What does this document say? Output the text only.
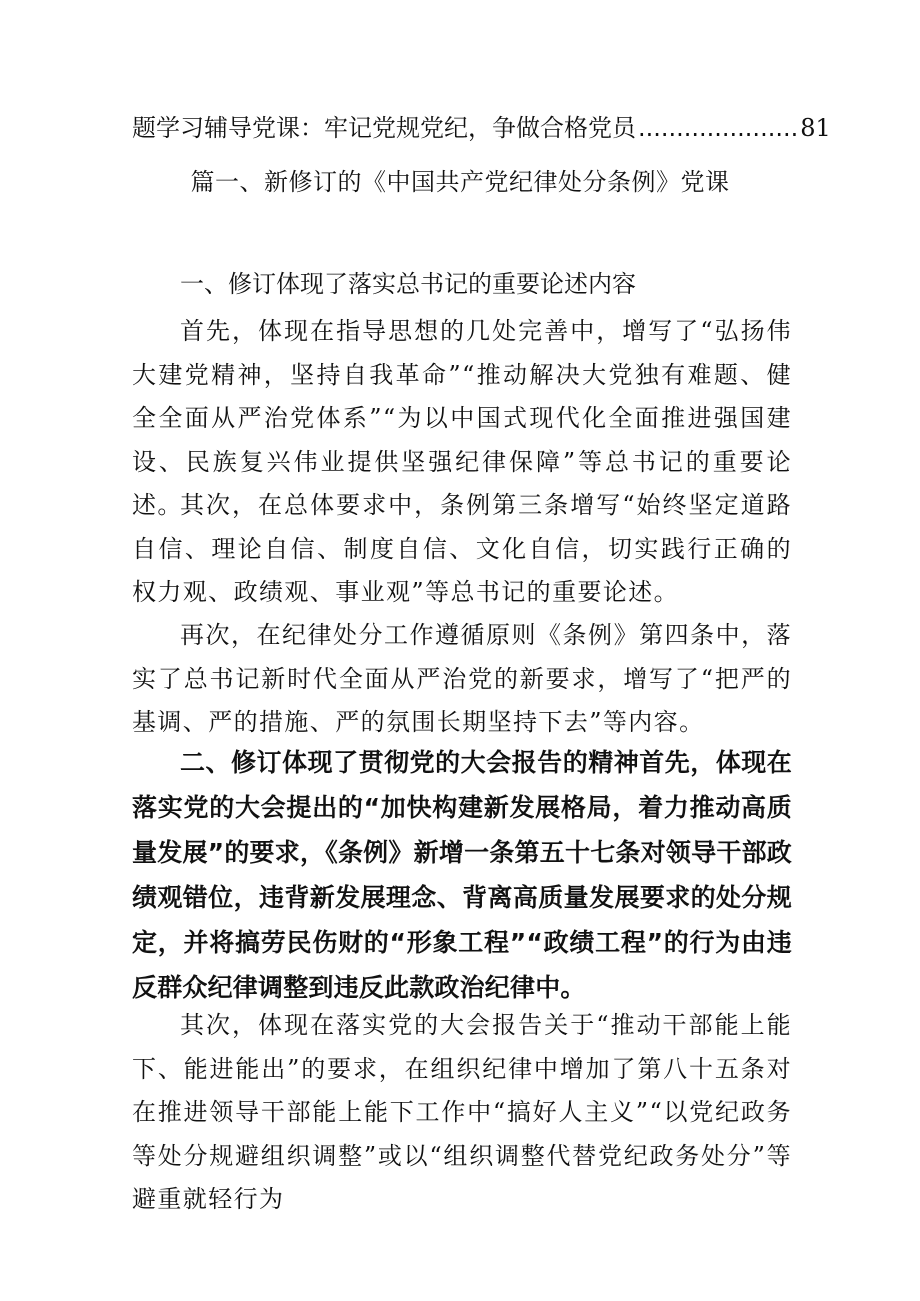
题学习辅导党课：牢记党规党纪，争做合格党员 ..................... 81
篇一、新修订的《中国共产党纪律处分条例》党课
一、修订体现了落实总书记的重要论述内容

首先，体现在指导思想的几处完善中，增写了“弘扬伟大建党精神，坚持自我革命”“推动解决大党独有难题、健全全面从严治党体系”“为以中国式现代化全面推进强国建设、民族复兴伟业提供坚强纪律保障”等总书记的重要论述。

其次，在总体要求中，条例第三条增写“始终坚定道路自信、理论自信、制度自信、文化自信，切实践行正确的权力观、政绩观、事业观”等总书记的重要论述。

再次，在纪律处分工作遵循原则《条例》第四条中，落实了总书记新时代全面从严治党的新要求，增写了“把严的基调、严的措施、严的氛围长期坚持下去”等内容。

二、修订体现了贯彻党的大会报告的精神首先，体现在落实党的大会提出的“加快构建新发展格局，着力推动高质量发展”的要求，《条例》新增一条第五十七条对领导干部政绩观错位，违背新发展理念、背离高质量发展要求的处分规定，并将搞劳民伤财的“形象工程”“政绩工程”的行为由违反群众纪律调整到违反此款政治纪律中。

其次，体现在落实党的大会报告关于“推动干部能上能下、能进能出”的要求，在组织纪律中增加了第八十五条对在推进领导干部能上能下工作中“搞好人主义”“以党纪政务等处分规避组织调整”或以“组织调整代替党纪政务处分”等避重就轻行为
